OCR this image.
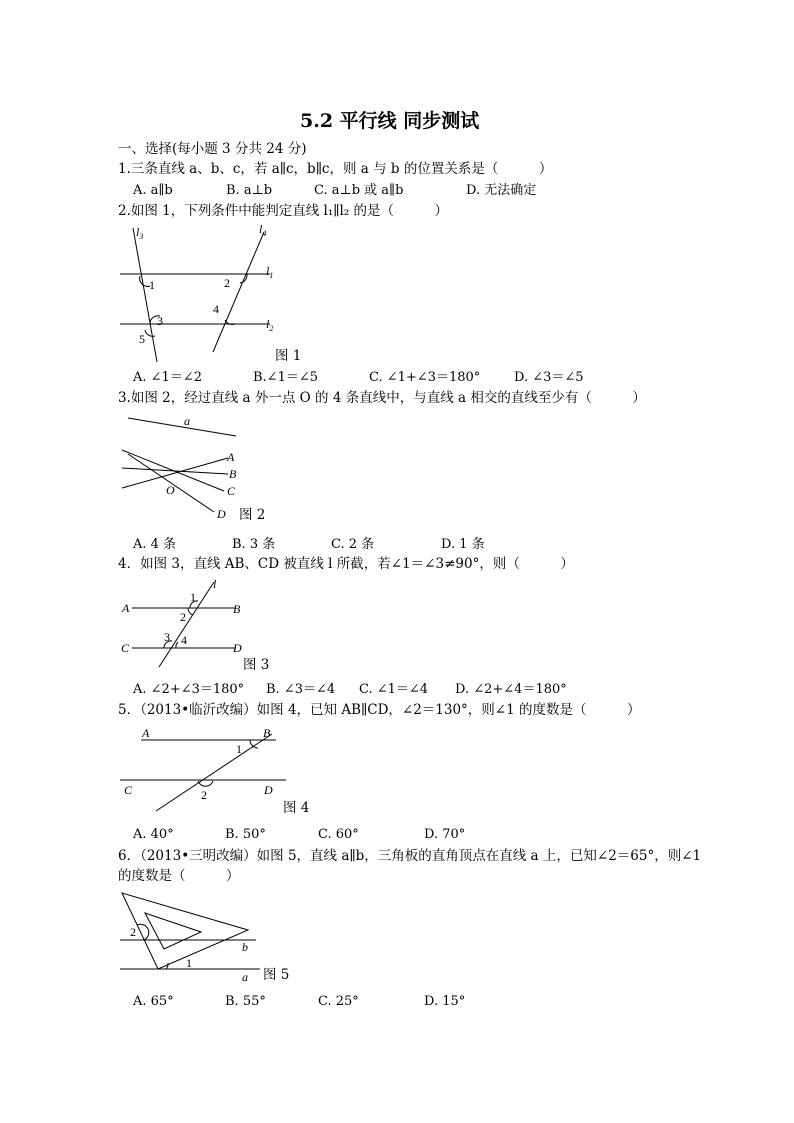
5.2 平行线 同步测试
一、选择(每小题 3 分共 24 分)
1.三条直线 a、b、c，若 a∥c，b∥c，则 a 与 b 的位置关系是（　　　）
A. a∥b	B. a⊥b	C. a⊥b 或 a∥b	D. 无法确定
2.如图 1，下列条件中能判定直线 l₁∥l₂ 的是（　　　）
$l_3$
$l_4$
$l_1$
$l_2$
1	2
3
4
5
图 1
A. ∠1＝∠2	B.∠1＝∠5	C. ∠1+∠3＝180°	D. ∠3＝∠5
3.如图 2，经过直线 a 外一点 O 的 4 条直线中，与直线 a 相交的直线至少有（　　　）
a
A
B
C
O
D 图 2
A. 4 条	B. 3 条	C. 2 条	D. 1 条
4．如图 3，直线 AB、CD 被直线 l 所截，若∠1＝∠3≠90°，则（　　　）
l
1
A	B
2
3 4
C	D
图 3
A. ∠2+∠3＝180° B. ∠3＝∠4 C. ∠1＝∠4 D. ∠2+∠4＝180°
5．（2013•临沂改编）如图 4，已知 AB∥CD，∠2＝130°，则∠1 的度数是（　　　）
A	B
1
C	2	D
图 4
A. 40°	B. 50°	C. 60°	D. 70°
6．（2013•三明改编）如图 5，直线 a∥b，三角板的直角顶点在直线 a 上，已知∠2＝65°，则∠1
的度数是（　　　）
2
b
1
a 图 5
A. 65°	B. 55°	C. 25°	D. 15°
